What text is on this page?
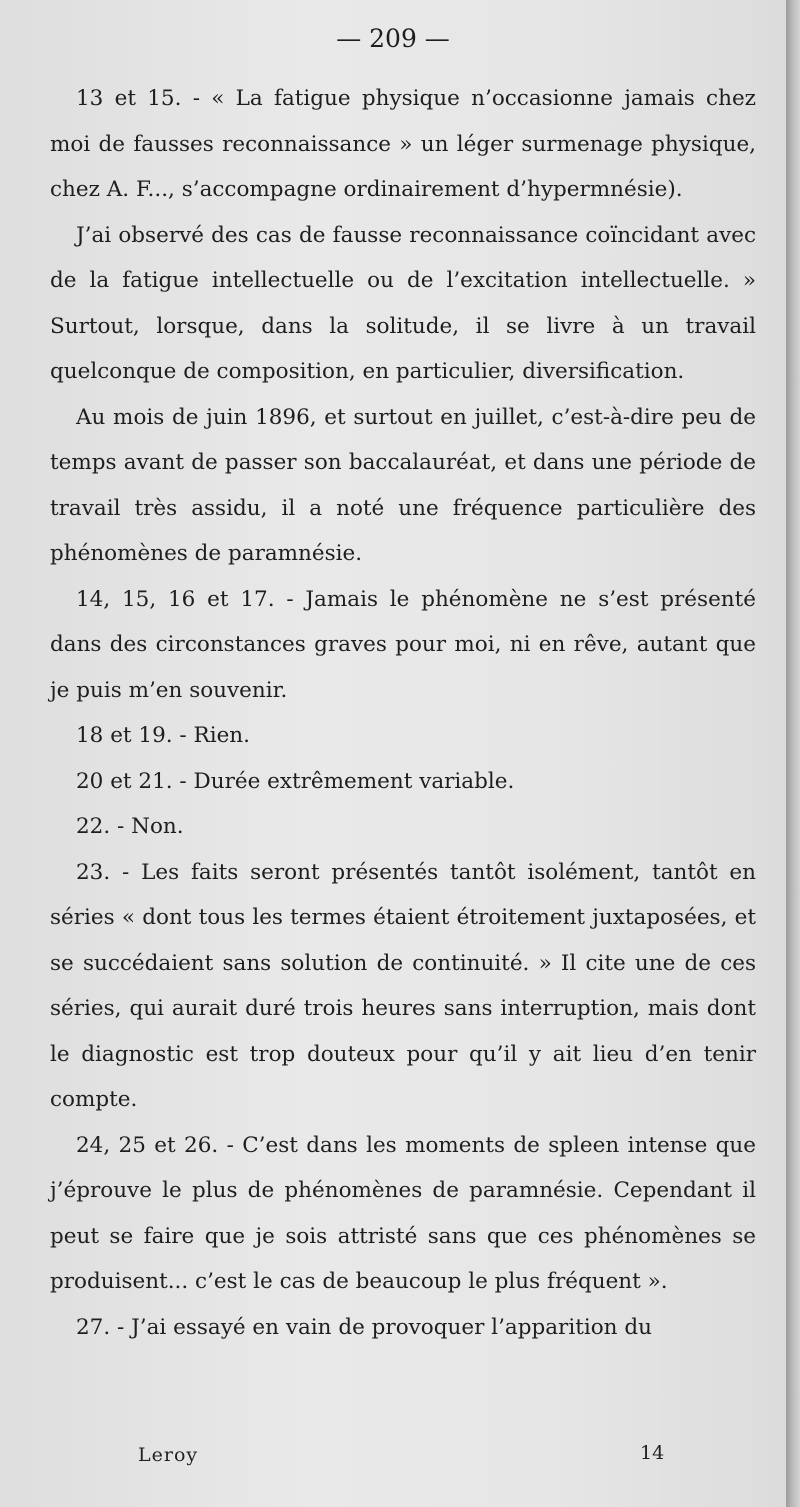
— 209 —

13 et 15. - « La fatigue physique n’occasionne jamais chez moi de fausses reconnaissance » un léger surmenage physique, chez A. F..., s’accompagne ordinairement d’hypermnésie).

J’ai observé des cas de fausse reconnaissance coïncidant avec de la fatigue intellectuelle ou de l’excitation intellectuelle. » Surtout, lorsque, dans la solitude, il se livre à un travail quelconque de composition, en particulier, diversification.

Au mois de juin 1896, et surtout en juillet, c’est-à-dire peu de temps avant de passer son baccalauréat, et dans une période de travail très assidu, il a noté une fréquence particulière des phénomènes de paramnésie.

14, 15, 16 et 17. - Jamais le phénomène ne s’est présenté dans des circonstances graves pour moi, ni en rêve, autant que je puis m’en souvenir.

18 et 19. - Rien.

20 et 21. - Durée extrêmement variable.

22. - Non.

23. - Les faits seront présentés tantôt isolément, tantôt en séries « dont tous les termes étaient étroitement juxtaposées, et se succédaient sans solution de continuité. » Il cite une de ces séries, qui aurait duré trois heures sans interruption, mais dont le diagnostic est trop douteux pour qu’il y ait lieu d’en tenir compte.

24, 25 et 26. - C’est dans les moments de spleen intense que j’éprouve le plus de phénomènes de paramnésie. Cependant il peut se faire que je sois attristé sans que ces phénomènes se produisent... c’est le cas de beaucoup le plus fréquent ».

27. - J’ai essayé en vain de provoquer l’apparition du

Leroy	14
